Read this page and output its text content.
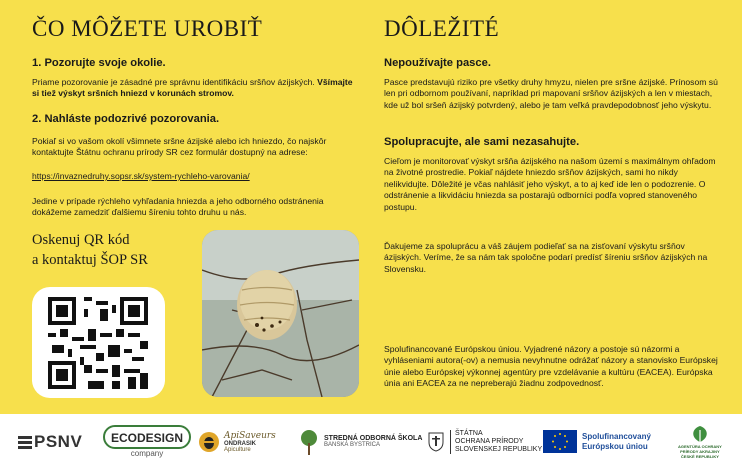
ČO MÔŽETE UROBIŤ
1. Pozorujte svoje okolie.

Priame pozorovanie je zásadné pre správnu identifikáciu sršňov ázijských. Všímajte si tiež výskyt sršních hniezd v korunách stromov.

2. Nahláste podozrivé pozorovania.

Pokiaľ si vo vašom okolí všimnete sršne ázijské alebo ich hniezdo, čo najskôr kontaktujte Štátnu ochranu prírody SR cez formulár dostupný na adrese:

https://invaznedruhy.sopsr.sk/system-rychleho-varovania/

Jedine v prípade rýchleho vyhľadania hniezda a jeho odborného odstránenia dokážeme zamedziť ďalšiemu šíreniu tohto druhu u nás.

Oskenuj QR kód
a kontaktuj ŠOP SR
DÔLEŽITÉ
Nepoužívajte pasce.

Pasce predstavujú riziko pre všetky druhy hmyzu, nielen pre sršne ázijské. Prínosom sú len pri odbornom používaní, napríklad pri mapovaní sršňov ázijských a len v miestach, kde už bol sršeň ázijský potvrdený, alebo je tam veľká pravdepodobnosť jeho výskytu.

Spolupracujte, ale sami nezasahujte.

Cieľom je monitorovať výskyt sršňa ázijského na našom území s maximálnym ohľadom na životné prostredie. Pokiaľ nájdete hniezdo sršňov ázijských, sami ho nikdy nelikvidujte. Dôležité je včas nahlásiť jeho výskyt, a to aj keď ide len o podozrenie. O odstránenie a likvidáciu hniezda sa postarajú odborníci podľa vopred stanoveného postupu.

Ďakujeme za spoluprácu a váš záujem podieľať sa na zisťovaní výskytu sršňov ázijských. Veríme, že sa nám tak spoločne podarí predísť šíreniu sršňov ázijských na Slovensku.

Spolufinancované Európskou úniou. Vyjadrené názory a postoje sú názormi a vyhláseniami autora(-ov) a nemusia nevyhnutne odrážať názory a stanovisko Európskej únie alebo Európskej výkonnej agentúry pre vzdelávanie a kultúru (EACEA). Európska únia ani EACEA za ne nepreberajú žiadnu zodpovednosť.

PSNV	ECODESIGN
company
ApiSaveurs
ONDRASIK
Apiculture
STREDNÁ ODBORNÁ ŠKOLA
BANSKÁ BYSTRICA
ŠTÁTNA
OCHRANA PRÍRODY
SLOVENSKEJ REPUBLIKY
Spolufinancovaný
Európskou úniou	AGENTÚRA OCHRANY
PRÍRODY AKRAJINY
ČESKÉ REPUBLIKY
